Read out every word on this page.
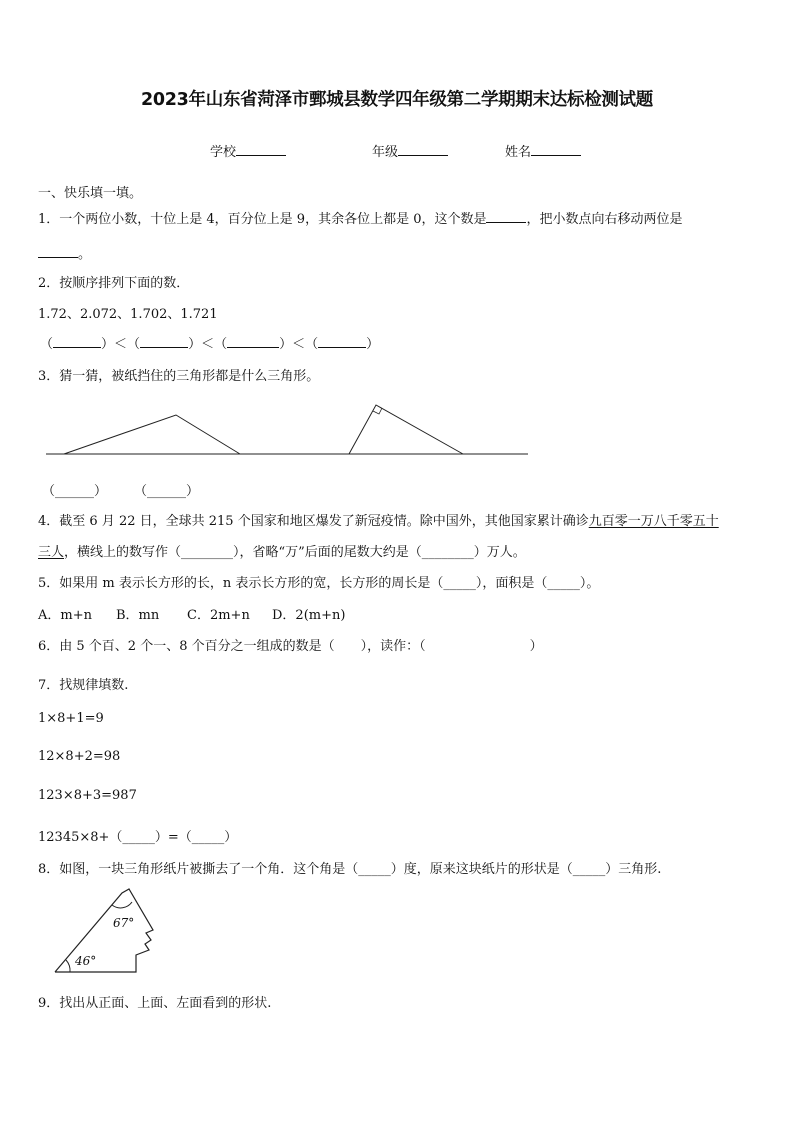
2023年山东省菏泽市鄄城县数学四年级第二学期期末达标检测试题
学校	年级	姓名
一、快乐填一填。
1．一个两位小数，十位上是 4，百分位上是 9，其余各位上都是 0，这个数是	，把小数点向右移动两位是
。
2．按顺序排列下面的数．
1.72、2.072、1.702、1.721
（	）＜（	）＜（	）＜（	）
3．猜一猜，被纸挡住的三角形都是什么三角形。
（______） （______）
4．截至 6 月 22 日，全球共 215 个国家和地区爆发了新冠疫情。除中国外，其他国家累计确诊九百零一万八千零五十
三人，横线上的数写作（________），省略“万”后面的尾数大约是（________）万人。
5．如果用 m 表示长方形的长，n 表示长方形的宽，长方形的周长是（_____），面积是（_____）。
A．m+n B．mn C．2m+n D．2(m+n)
6．由 5 个百、2 个一、8 个百分之一组成的数是（ ），读作：（	）
7．找规律填数.
1×8+1=9
12×8+2=98
123×8+3=987
12345×8+（_____）=（_____）
8．如图，一块三角形纸片被撕去了一个角．这个角是（_____）度，原来这块纸片的形状是（_____）三角形.
67°
46°
9．找出从正面、上面、左面看到的形状.
